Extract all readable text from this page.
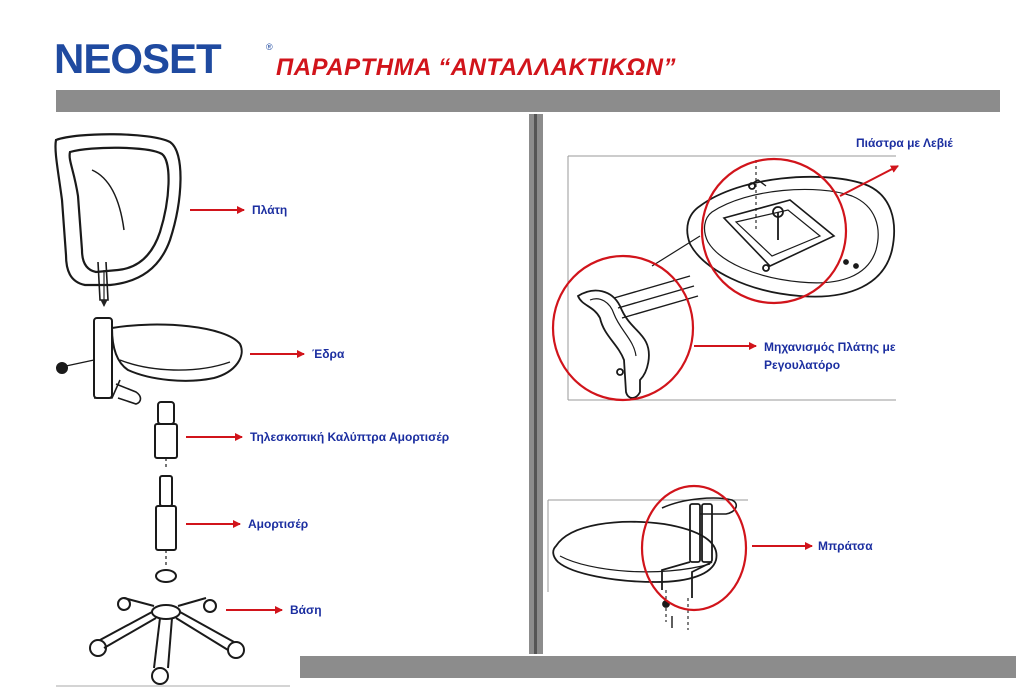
NEOSET	®
ΠΑΡΑΡΤΗΜΑ “ΑΝΤΑΛΛΑΚΤΙΚΩΝ”
Πλάτη
Έδρα
Τηλεσκοπική Καλύπτρα Αμορτισέρ
Αμορτισέρ
Βάση
Πιάστρα με Λεβιέ
Μηχανισμός Πλάτης με
Ρεγουλατόρο
Μπράτσα
